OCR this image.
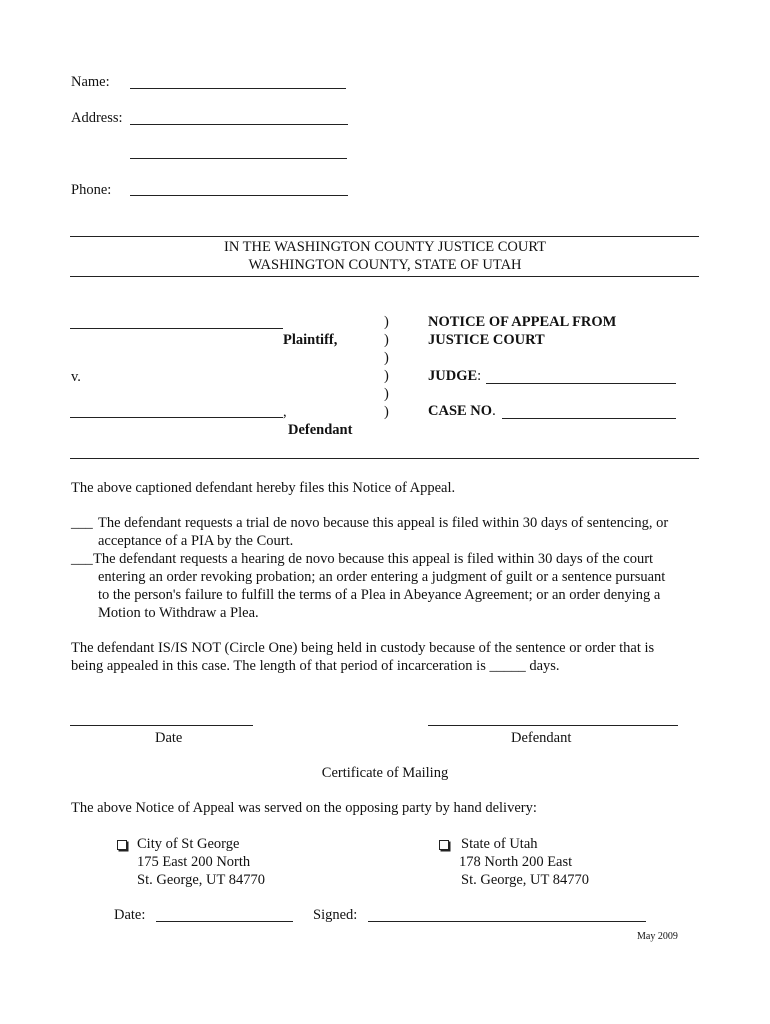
Name:
Address:
Phone:
IN THE WASHINGTON COUNTY JUSTICE COURT
WASHINGTON COUNTY, STATE OF UTAH
Plaintiff,
v.
,
Defendant
)
)
)
)
)
)
NOTICE OF APPEAL FROM
JUSTICE COURT
JUDGE:
CASE NO.
The above captioned defendant hereby files this Notice of Appeal.
___ The defendant requests a trial de novo because this appeal is filed within 30 days of sentencing, or
acceptance of a PIA by the Court.
___ The defendant requests a hearing de novo because this appeal is filed within 30 days of the court
entering an order revoking probation; an order entering a judgment of guilt or a sentence pursuant
to the person's failure to fulfill the terms of a Plea in Abeyance Agreement; or an order denying a
Motion to Withdraw a Plea.
The defendant IS/IS NOT (Circle One) being held in custody because of the sentence or order that is
being appealed in this case. The length of that period of incarceration is _____ days.
Date	Defendant
Certificate of Mailing
The above Notice of Appeal was served on the opposing party by hand delivery:
City of St George
175 East 200 North
St. George, UT 84770
State of Utah
178 North 200 East
St. George, UT 84770
Date:	Signed:
May 2009
